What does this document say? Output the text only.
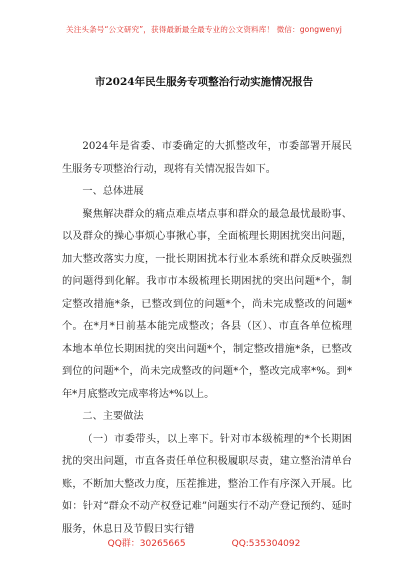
关注头条号“公文研究”，获得最新最全最专业的公文资料库！ 微信：gongwenyj
市2024年民生服务专项整治行动实施情况报告

2024年是省委、市委确定的大抓整改年，市委部署开展民生服务专项整治行动，现将有关情况报告如下。

一、总体进展

聚焦解决群众的痛点难点堵点事和群众的最急最忧最盼事、以及群众的操心事烦心事揪心事，全面梳理长期困扰突出问题，加大整改落实力度，一批长期困扰本行业本系统和群众反映强烈的问题得到化解。我市市本级梳理长期困扰的突出问题*个，制定整改措施*条，已整改到位的问题*个，尚未完成整改的问题*个。在*月*日前基本能完成整改；各县（区）、市直各单位梳理本地本单位长期困扰的突出问题*个，制定整改措施*条，已整改到位的问题*个，尚未完成整改的问题*个，整改完成率*%。到*年*月底整改完成率将达*%以上。

二、主要做法

（一）市委带头，以上率下。针对市本级梳理的*个长期困扰的突出问题，市直各责任单位积极履职尽责，建立整治清单台账，不断加大整改力度，压茬推进，整治工作有序深入开展。比如：针对“群众不动产权登记难”问题实行不动产登记预约、延时服务，休息日及节假日实行错

QQ群：30265665	QQ:535304092
